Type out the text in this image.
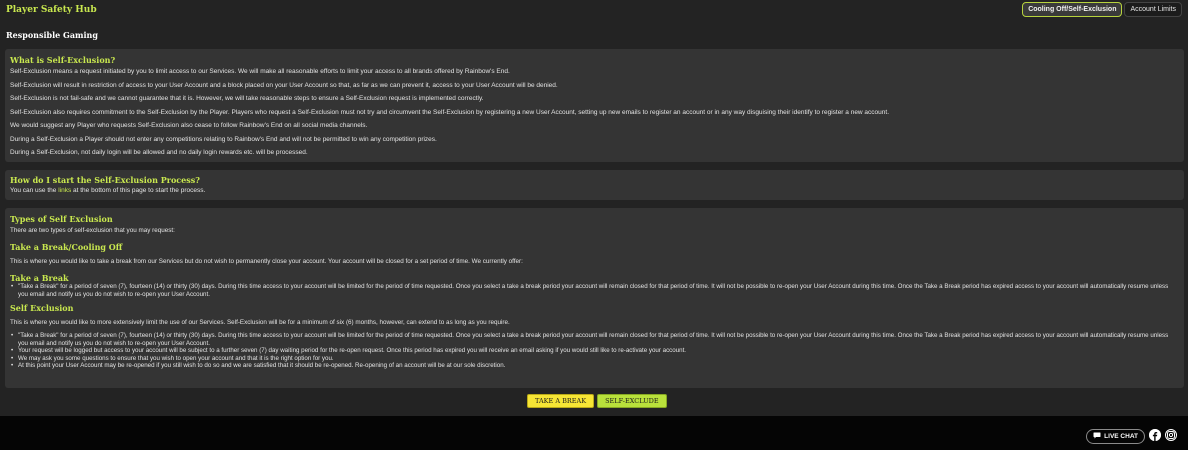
Player Safety Hub	Cooling Off/Self-Exclusion	Account Limits
Responsible Gaming
What is Self-Exclusion?
Self-Exclusion means a request initiated by you to limit access to our Services. We will make all reasonable efforts to limit your access to all brands offered by Rainbow's End.
Self-Exclusion will result in restriction of access to your User Account and a block placed on your User Account so that, as far as we can prevent it, access to your User Account will be denied.
Self-Exclusion is not fail-safe and we cannot guarantee that it is. However, we will take reasonable steps to ensure a Self-Exclusion request is implemented correctly.
Self-Exclusion also requires commitment to the Self-Exclusion by the Player. Players who request a Self-Exclusion must not try and circumvent the Self-Exclusion by registering a new User Account, setting up new emails to register an account or in any way disguising their identify to register a new account.
We would suggest any Player who requests Self-Exclusion also cease to follow Rainbow's End on all social media channels.
During a Self-Exclusion a Player should not enter any competitions relating to Rainbow's End and will not be permitted to win any competition prizes.
During a Self-Exclusion, not daily login will be allowed and no daily login rewards etc. will be processed.
How do I start the Self-Exclusion Process?
You can use the links at the bottom of this page to start the process.
Types of Self Exclusion
There are two types of self-exclusion that you may request:
Take a Break/Cooling Off
This is where you would like to take a break from our Services but do not wish to permanently close your account. Your account will be closed for a set period of time. We currently offer:
Take a Break
• "Take a Break" for a period of seven (7), fourteen (14) or thirty (30) days. During this time access to your account will be limited for the period of time requested. Once you select a take a break period your account will remain closed for that period of time. It will not be possible to re-open your User Account during this time. Once the Take a Break period has expired access to your account will automatically resume unless you email and notify us you do not wish to re-open your User Account.
Self Exclusion
This is where you would like to more extensively limit the use of our Services. Self-Exclusion will be for a minimum of six (6) months, however, can extend to as long as you require.
• "Take a Break" for a period of seven (7), fourteen (14) or thirty (30) days. During this time access to your account will be limited for the period of time requested. Once you select a take a break period your account will remain closed for that period of time. It will not be possible to re-open your User Account during this time. Once the Take a Break period has expired access to your account will automatically resume unless you email and notify us you do not wish to re-open your User Account.
• Your request will be logged but access to your account will be subject to a further seven (7) day waiting period for the re-open request. Once this period has expired you will receive an email asking if you would still like to re-activate your account.
• We may ask you some questions to ensure that you wish to open your account and that it is the right option for you.
• At this point your User Account may be re-opened if you still wish to do so and we are satisfied that it should be re-opened. Re-opening of an account will be at our sole discretion.
TAKE A BREAK	SELF-EXCLUDE
LIVE CHAT
